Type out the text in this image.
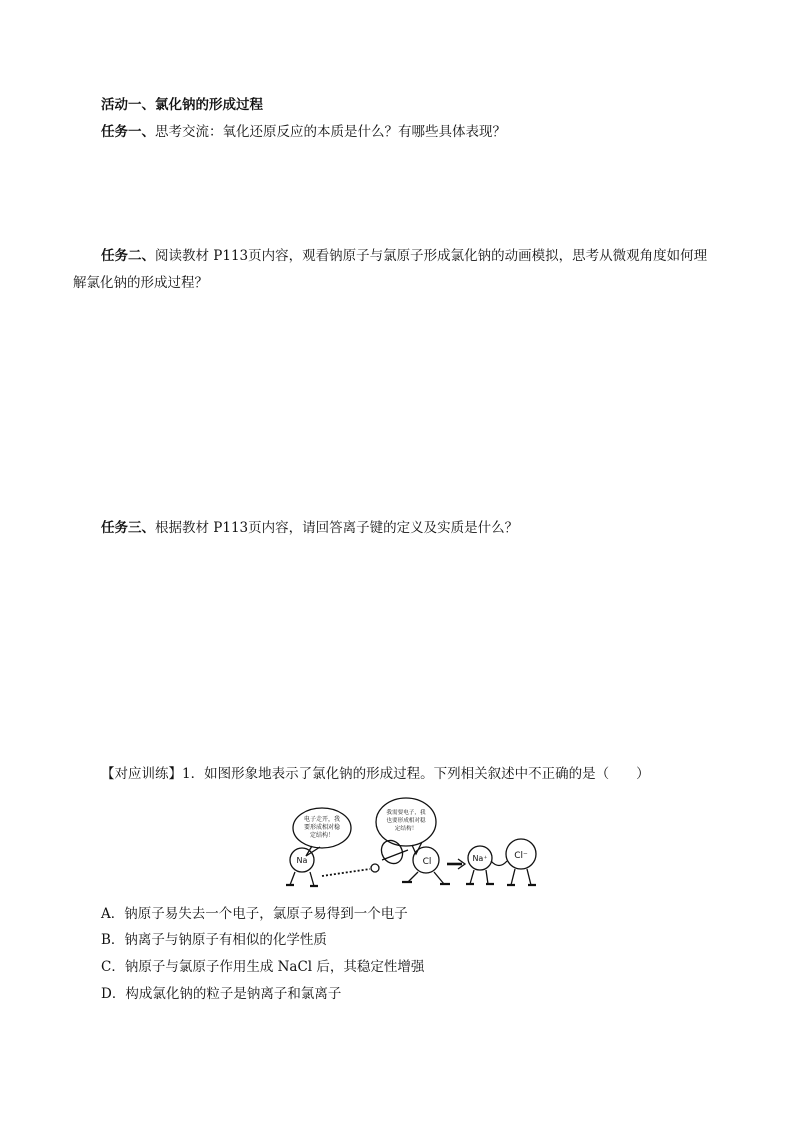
活动一、氯化钠的形成过程
任务一、思考交流：氧化还原反应的本质是什么？有哪些具体表现？
任务二、阅读教材 P113页内容，观看钠原子与氯原子形成氯化钠的动画模拟，思考从微观角度如何理
解氯化钠的形成过程？
任务三、根据教材 P113页内容，请回答离子键的定义及实质是什么？
【对应训练】1．如图形象地表示了氯化钠的形成过程。下列相关叙述中不正确的是（　　）
电子走开，我
要形成相对稳
定结构！
我需要电子，我
也要形成相对稳
定结构！
Na	Cl	Na⁺	Cl⁻
A．钠原子易失去一个电子，氯原子易得到一个电子
B．钠离子与钠原子有相似的化学性质
C．钠原子与氯原子作用生成 NaCl 后，其稳定性增强
D．构成氯化钠的粒子是钠离子和氯离子
